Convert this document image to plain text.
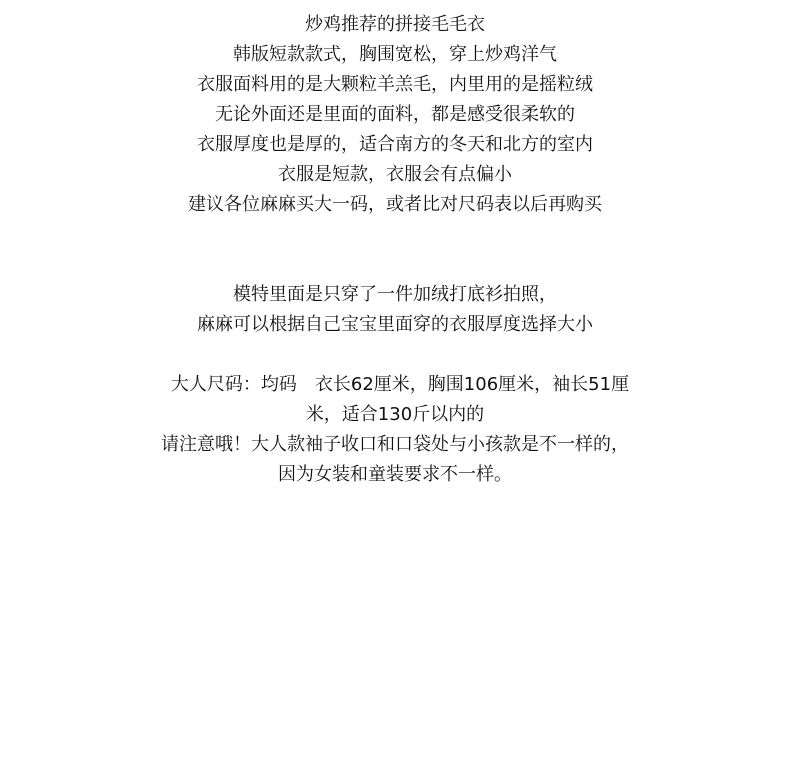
炒鸡推荐的拼接毛毛衣
韩版短款款式，胸围宽松，穿上炒鸡洋气
衣服面料用的是大颗粒羊羔毛，内里用的是摇粒绒
无论外面还是里面的面料，都是感受很柔软的
衣服厚度也是厚的，适合南方的冬天和北方的室内
衣服是短款，衣服会有点偏小
建议各位麻麻买大一码，或者比对尺码表以后再购买
模特里面是只穿了一件加绒打底衫拍照，
麻麻可以根据自己宝宝里面穿的衣服厚度选择大小
大人尺码：均码　衣长62厘米，胸围106厘米，袖长51厘
米，适合130斤以内的
请注意哦！大人款袖子收口和口袋处与小孩款是不一样的，
因为女装和童装要求不一样。
